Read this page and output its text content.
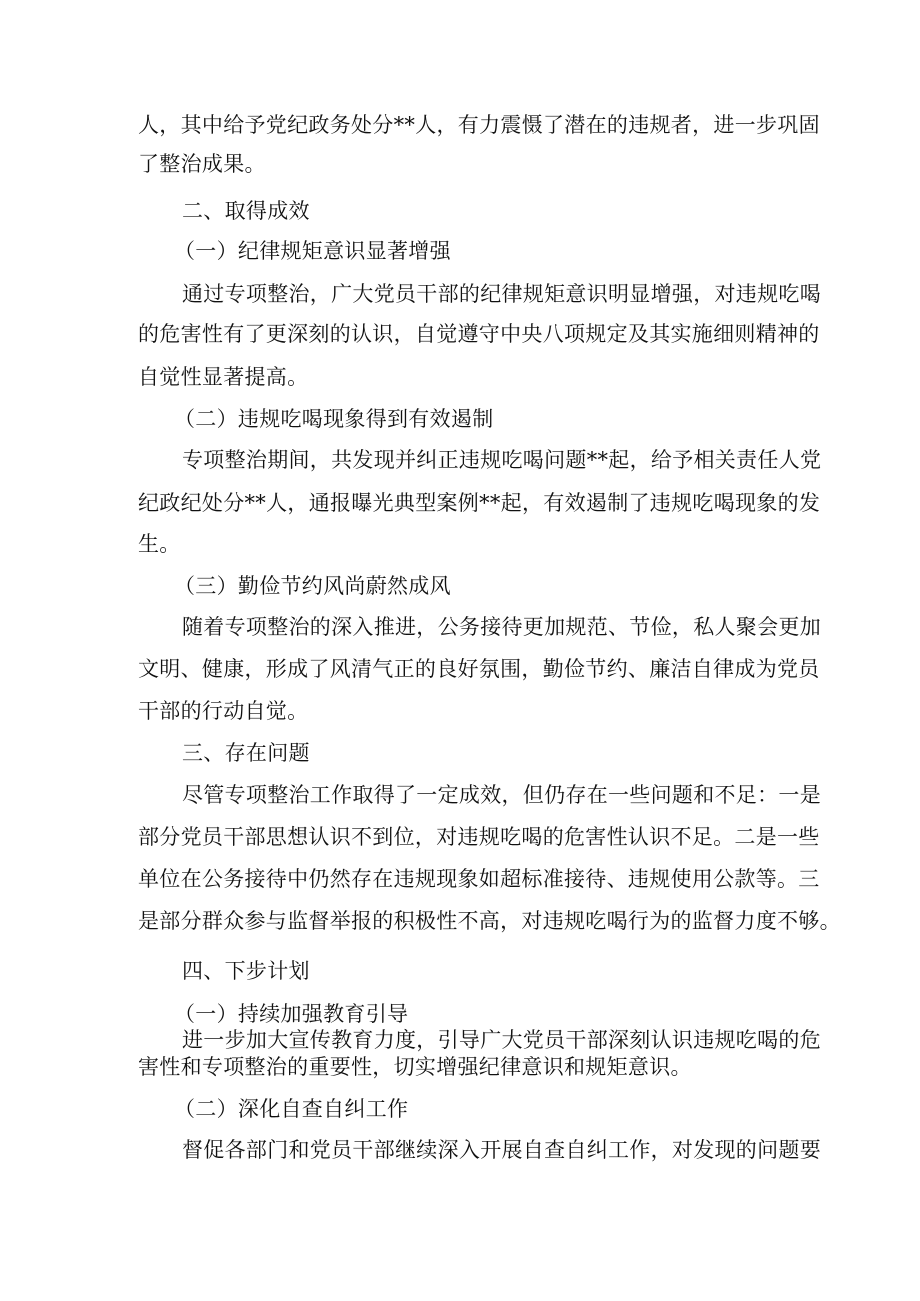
人，其中给予党纪政务处分**人，有力震慑了潜在的违规者，进一步巩固
了整治成果。
二、取得成效
（一）纪律规矩意识显著增强
通过专项整治，广大党员干部的纪律规矩意识明显增强，对违规吃喝
的危害性有了更深刻的认识，自觉遵守中央八项规定及其实施细则精神的
自觉性显著提高。
（二）违规吃喝现象得到有效遏制
专项整治期间，共发现并纠正违规吃喝问题**起，给予相关责任人党
纪政纪处分**人，通报曝光典型案例**起，有效遏制了违规吃喝现象的发
生。
（三）勤俭节约风尚蔚然成风
随着专项整治的深入推进，公务接待更加规范、节俭，私人聚会更加
文明、健康，形成了风清气正的良好氛围，勤俭节约、廉洁自律成为党员
干部的行动自觉。
三、存在问题
尽管专项整治工作取得了一定成效，但仍存在一些问题和不足：一是
部分党员干部思想认识不到位，对违规吃喝的危害性认识不足。二是一些
单位在公务接待中仍然存在违规现象如超标准接待、违规使用公款等。三
是部分群众参与监督举报的积极性不高，对违规吃喝行为的监督力度不够。
四、下步计划
（一）持续加强教育引导
进一步加大宣传教育力度，引导广大党员干部深刻认识违规吃喝的危
害性和专项整治的重要性，切实增强纪律意识和规矩意识。
（二）深化自查自纠工作
督促各部门和党员干部继续深入开展自查自纠工作，对发现的问题要
